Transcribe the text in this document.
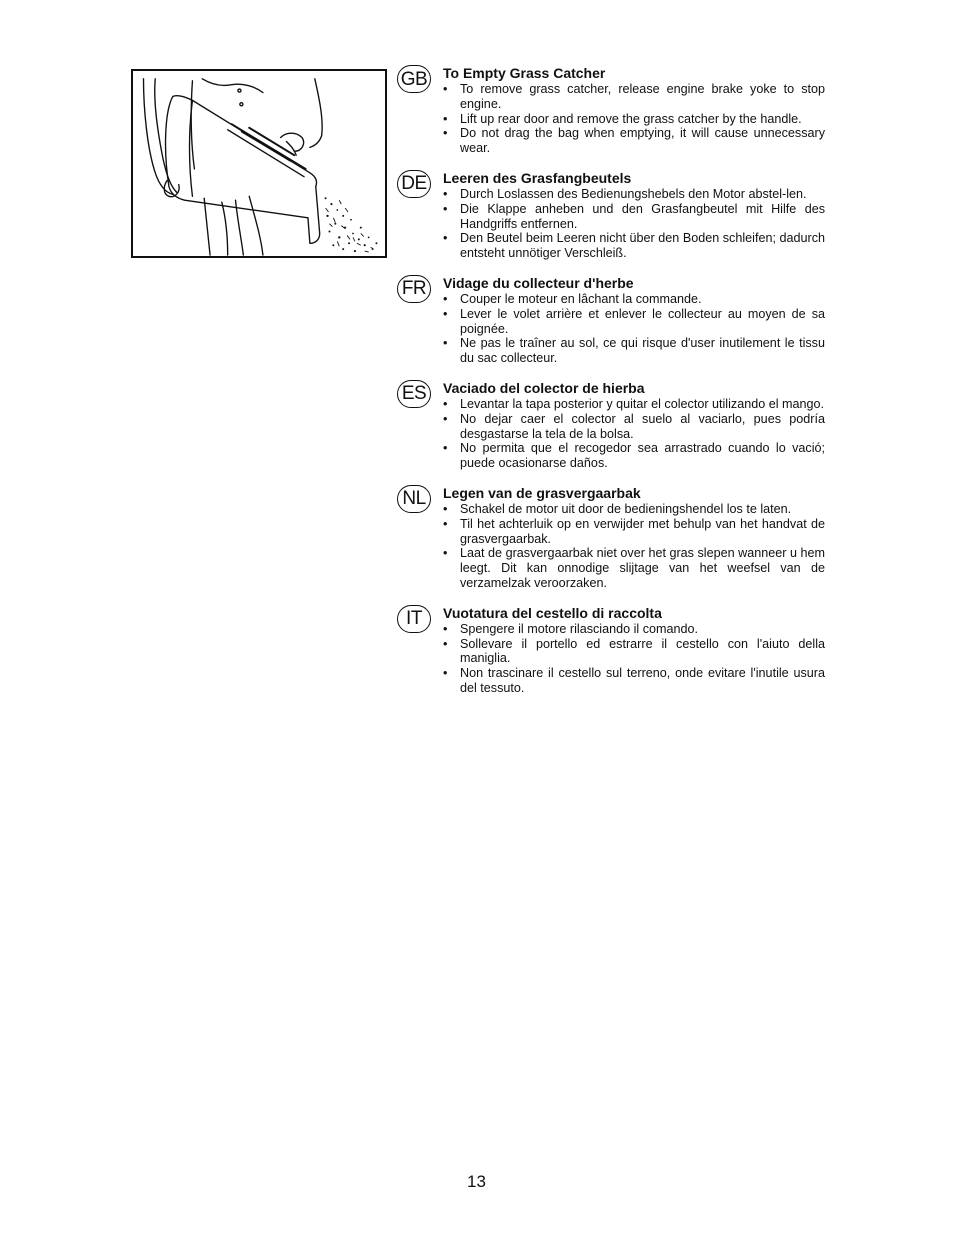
GB To Empty Grass Catcher
• To remove grass catcher, release engine brake yoke to stop engine.
• Lift up rear door and remove the grass catcher by the handle.
• Do not drag the bag when emptying, it will cause unnecessary wear.
DE	Leeren des Grasfangbeutels
• Durch Loslassen des Bedienungshebels den Motor abstel-len.
• Die Klappe anheben und den Grasfangbeutel mit Hilfe des Handgriffs entfernen.
• Den Beutel beim Leeren nicht über den Boden schleifen; dadurch entsteht unnötiger Verschleiß.
FR	Vidage du collecteur d'herbe
• Couper le moteur en lâchant la commande.
• Lever le volet arrière et enlever le collecteur au moyen de sa poignée.
• Ne pas le traîner au sol, ce qui risque d'user inutilement le tissu du sac collecteur.
ES	Vaciado del colector de hierba
• Levantar la tapa posterior y quitar el colector utilizando el mango.
• No dejar caer el colector al suelo al vaciarlo, pues podría desgastarse la tela de la bolsa.
• No permita que el recogedor sea arrastrado cuando lo vació; puede ocasionarse daños.
NL	Legen van de grasvergaarbak
• Schakel de motor uit door de bedieningshendel los te laten.
• Til het achterluik op en verwijder met behulp van het handvat de grasvergaarbak.
• Laat de grasvergaarbak niet over het gras slepen wanneer u hem leegt. Dit kan onnodige slijtage van het weefsel van de verzamelzak veroorzaken.
IT	Vuotatura del cestello di raccolta
• Spengere il motore rilasciando il comando.
• Sollevare il portello ed estrarre il cestello con l'aiuto della maniglia.
• Non trascinare il cestello sul terreno, onde evitare l'inutile usura del tessuto.
13
